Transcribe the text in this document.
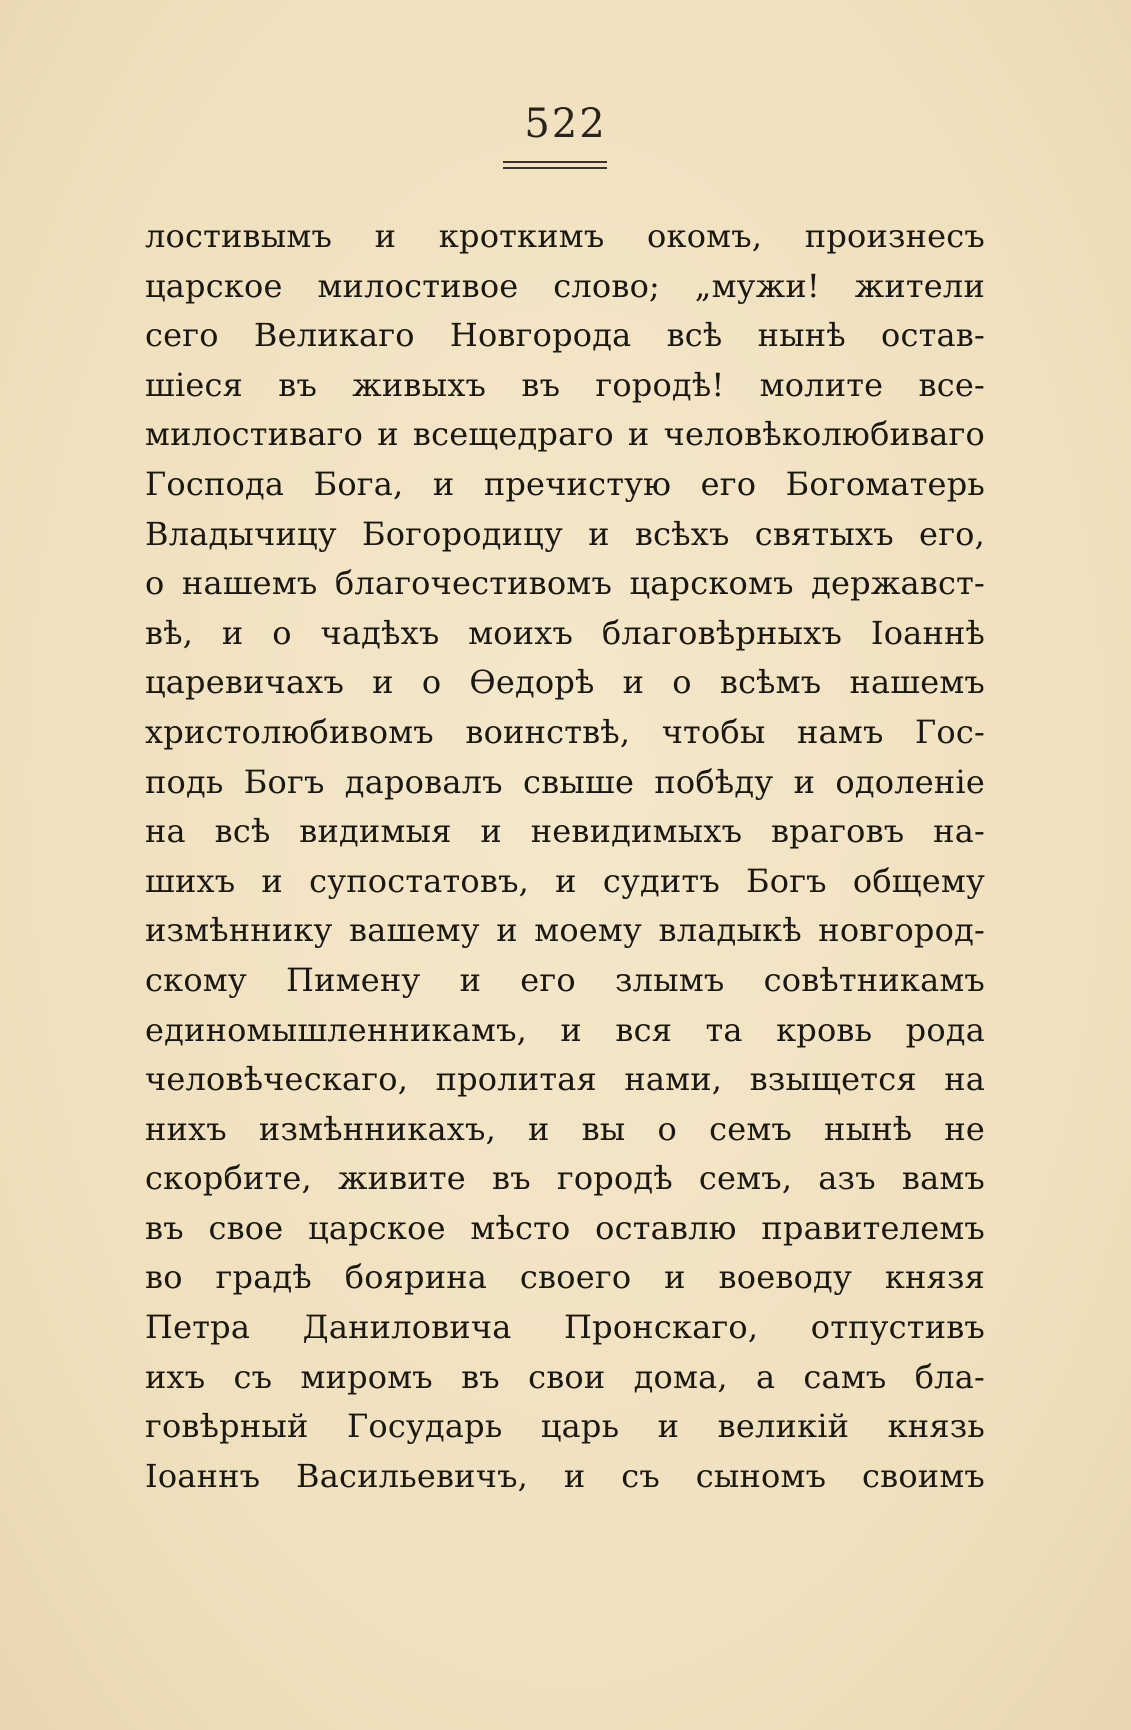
522
лостивымъ и кроткимъ окомъ, произнесъ
царское милостивое слово; „мужи! жители
сего Великаго Новгорода всѣ нынѣ остав-
шіеся въ живыхъ въ городѣ! молите все-
милостиваго и всещедраго и человѣколюбиваго
Господа Бога, и пречистую его Богоматерь
Владычицу Богородицу и всѣхъ святыхъ его,
о нашемъ благочестивомъ царскомъ державст-
вѣ, и о чадѣхъ моихъ благовѣрныхъ Іоаннѣ
царевичахъ и о Ѳедорѣ и о всѣмъ нашемъ
христолюбивомъ воинствѣ, чтобы намъ Гос-
подь Богъ даровалъ свыше побѣду и одоленіе
на всѣ видимыя и невидимыхъ враговъ на-
шихъ и супостатовъ, и судитъ Богъ общему
измѣннику вашему и моему владыкѣ новгород-
скому Пимену и его злымъ совѣтникамъ
единомышленникамъ, и вся та кровь рода
человѣческаго, пролитая нами, взыщется на
нихъ измѣнникахъ, и вы о семъ нынѣ не
скорбите, живите въ городѣ семъ, азъ вамъ
въ свое царское мѣсто оставлю правителемъ
во градѣ боярина своего и воеводу князя
Петра Даниловича Пронскаго, отпустивъ
ихъ съ миромъ въ свои дома, а самъ бла-
говѣрный Государь царь и великій князь
Іоаннъ Васильевичъ, и съ сыномъ своимъ
